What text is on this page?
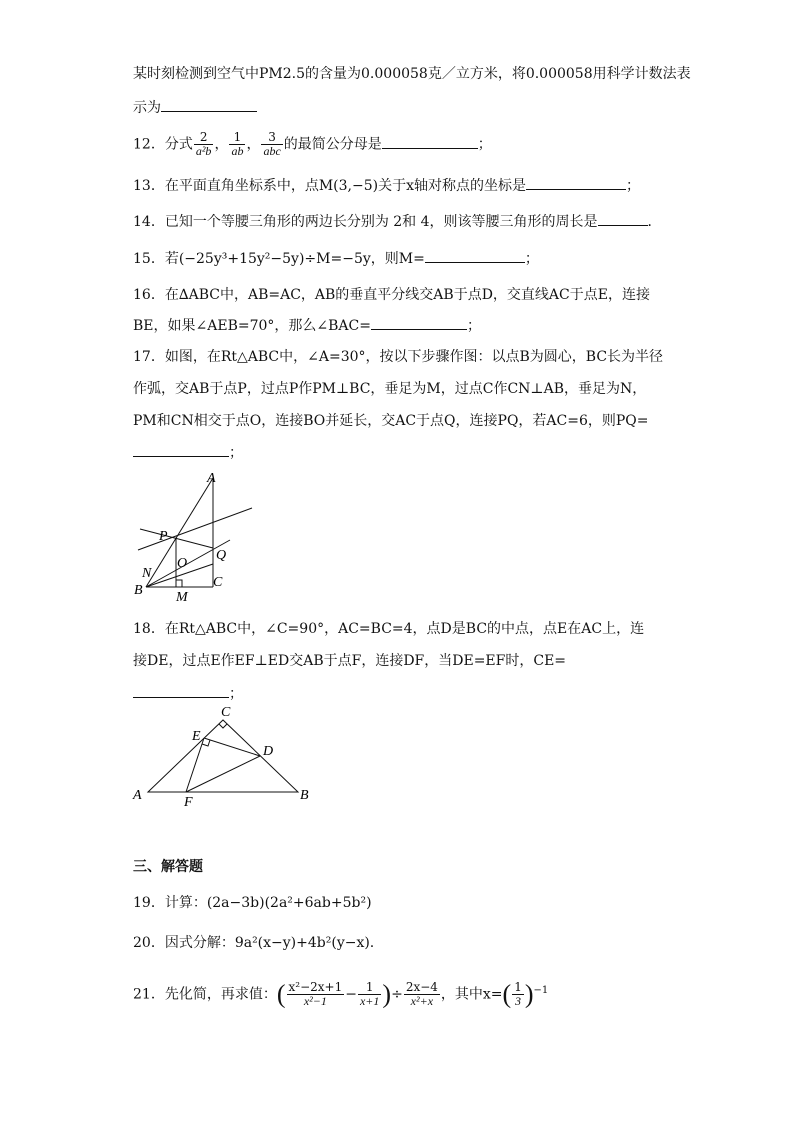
某时刻检测到空气中PM2.5的含量为0.000058克／立方米，将0.000058用科学计数法表
示为
12．分式 $\frac{2}{\text{a²b}}$ ， $\frac{1}{ab}$ ， $\frac{3}{\text{abc}}$ 的最简公分母是	；
13．在平面直角坐标系中，点M(3,−5)关于x轴对称点的坐标是	；
14．已知一个等腰三角形的两边长分别为 2和 4，则该等腰三角形的周长是	．
15．若(−25y³+15y²−5y)÷M=−5y，则M=	；
16．在∆ABC中，AB=AC，AB的垂直平分线交AB于点D，交直线AC于点E，连接
BE，如果∠AEB=70°，那么∠BAC=	；
17．如图，在Rt△ABC中，∠A=30°，按以下步骤作图：以点B为圆心，BC长为半径
作弧，交AB于点P，过点P作PM⊥BC，垂足为M，过点C作CN⊥AB，垂足为N，
PM和CN相交于点O，连接BO并延长，交AC于点Q，连接PQ，若AC=6，则PQ=
；
A
P
O
Q
N
B M
C
18．在Rt△ABC中，∠C=90°，AC=BC=4，点D是BC的中点，点E在AC上，连
接DE，过点E作EF⊥ED交AB于点F，连接DF，当DE=EF时，CE=
；
C
E
D
A	F	B
三、解答题
19．计算：(2a−3b)(2a²+6ab+5b²)
20．因式分解：9a²(x−y)+4b²(y−x).
21．先化简，再求值：( $\frac{\text{x²−2x+1}}{\text{x²−1}} - \frac{1}{x+1}$ )÷ $\frac{2x-4}{\text{x²+x}}$ ，其中$x=( \frac{1}{3} )^{-1}$
